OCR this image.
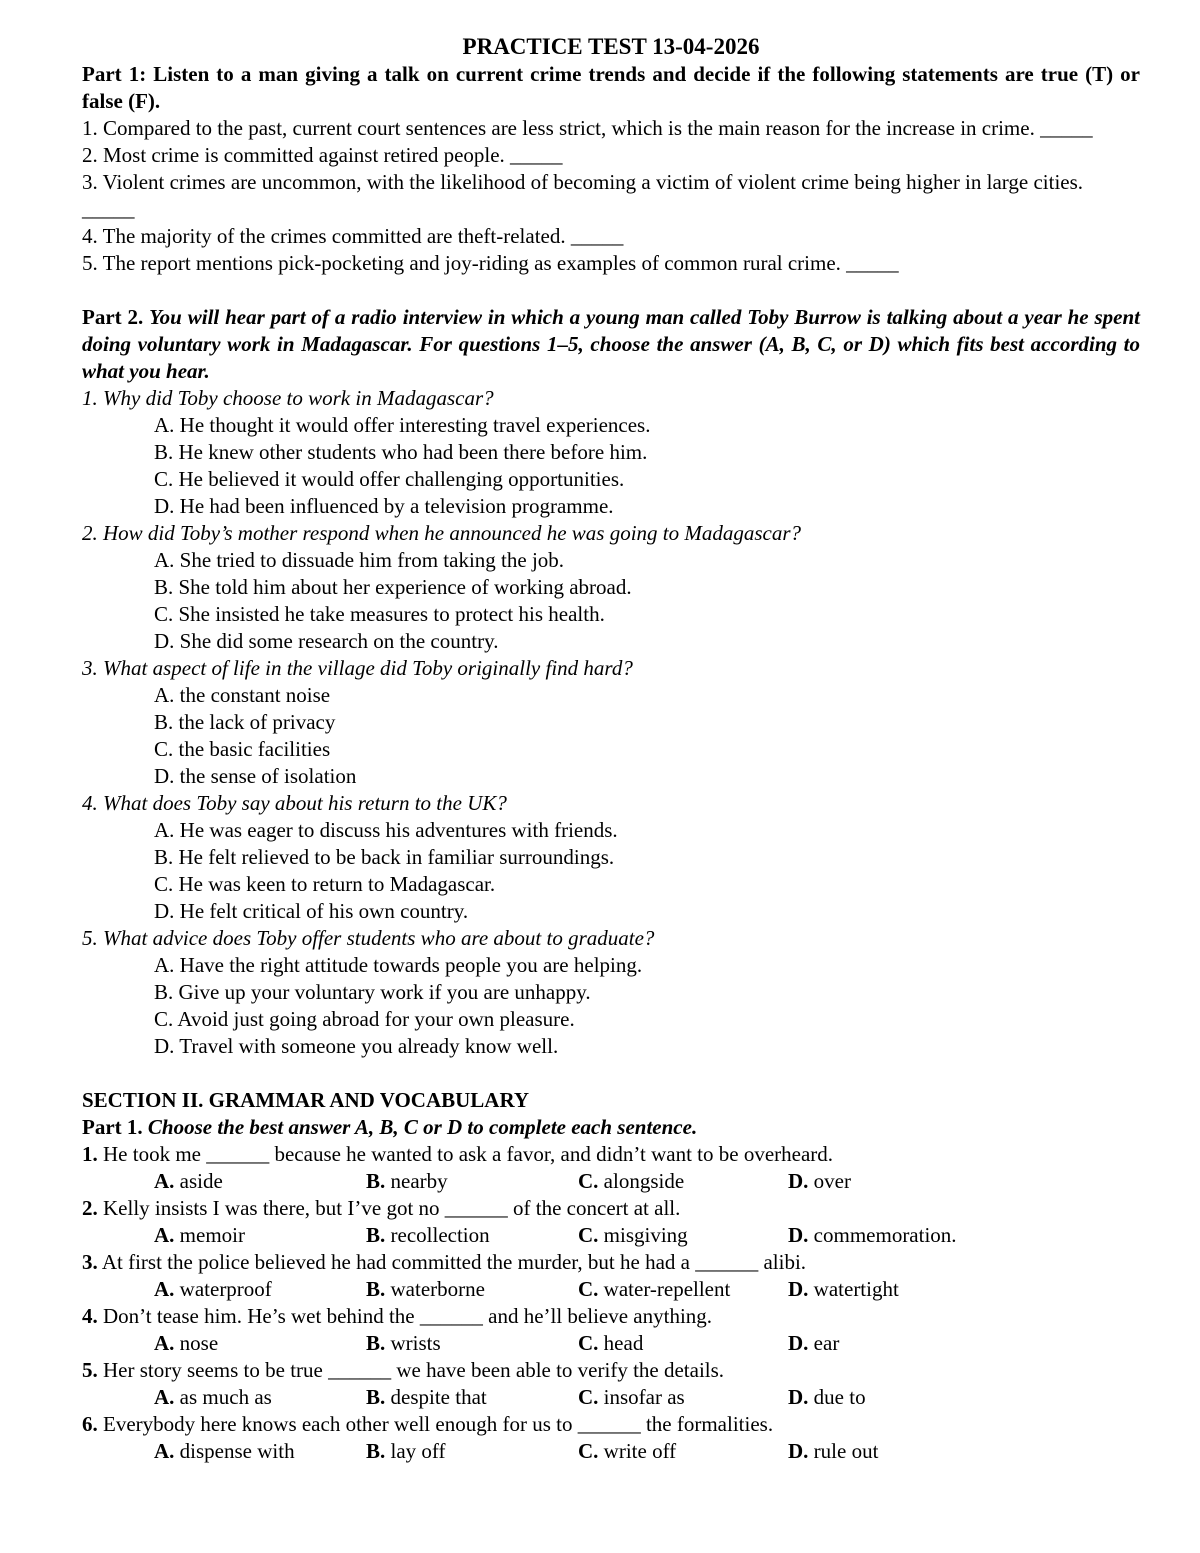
PRACTICE TEST 13-04-2026

Part 1: Listen to a man giving a talk on current crime trends and decide if the following statements are true (T) or false (F).

1. Compared to the past, current court sentences are less strict, which is the main reason for the increase in crime. _____

2. Most crime is committed against retired people. _____

3. Violent crimes are uncommon, with the likelihood of becoming a victim of violent crime being higher in large cities. _____

4. The majority of the crimes committed are theft-related. _____

5. The report mentions pick-pocketing and joy-riding as examples of common rural crime. _____

Part 2. You will hear part of a radio interview in which a young man called Toby Burrow is talking about a year he spent doing voluntary work in Madagascar. For questions 1–5, choose the answer (A, B, C, or D) which fits best according to what you hear.

1. Why did Toby choose to work in Madagascar?

A. He thought it would offer interesting travel experiences.

B. He knew other students who had been there before him.

C. He believed it would offer challenging opportunities.

D. He had been influenced by a television programme.

2. How did Toby’s mother respond when he announced he was going to Madagascar?

A. She tried to dissuade him from taking the job.

B. She told him about her experience of working abroad.

C. She insisted he take measures to protect his health.

D. She did some research on the country.

3. What aspect of life in the village did Toby originally find hard?

A. the constant noise

B. the lack of privacy

C. the basic facilities

D. the sense of isolation

4. What does Toby say about his return to the UK?

A. He was eager to discuss his adventures with friends.

B. He felt relieved to be back in familiar surroundings.

C. He was keen to return to Madagascar.

D. He felt critical of his own country.

5. What advice does Toby offer students who are about to graduate?

A. Have the right attitude towards people you are helping.

B. Give up your voluntary work if you are unhappy.

C. Avoid just going abroad for your own pleasure.

D. Travel with someone you already know well.

SECTION II. GRAMMAR AND VOCABULARY

Part 1. Choose the best answer A, B, C or D to complete each sentence.

1. He took me ______ because he wanted to ask a favor, and didn’t want to be overheard.

A. aside	B. nearby	C. alongside	D. over

2. Kelly insists I was there, but I’ve got no ______ of the concert at all.

A. memoir	B. recollection	C. misgiving	D. commemoration.

3. At first the police believed he had committed the murder, but he had a ______ alibi.

A. waterproof	B. waterborne	C. water-repellent	D. watertight

4. Don’t tease him. He’s wet behind the ______ and he’ll believe anything.

A. nose	B. wrists	C. head	D. ear

5. Her story seems to be true ______ we have been able to verify the details.

A. as much as	B. despite that	C. insofar as	D. due to

6. Everybody here knows each other well enough for us to ______ the formalities.

A. dispense with	B. lay off	C. write off	D. rule out
